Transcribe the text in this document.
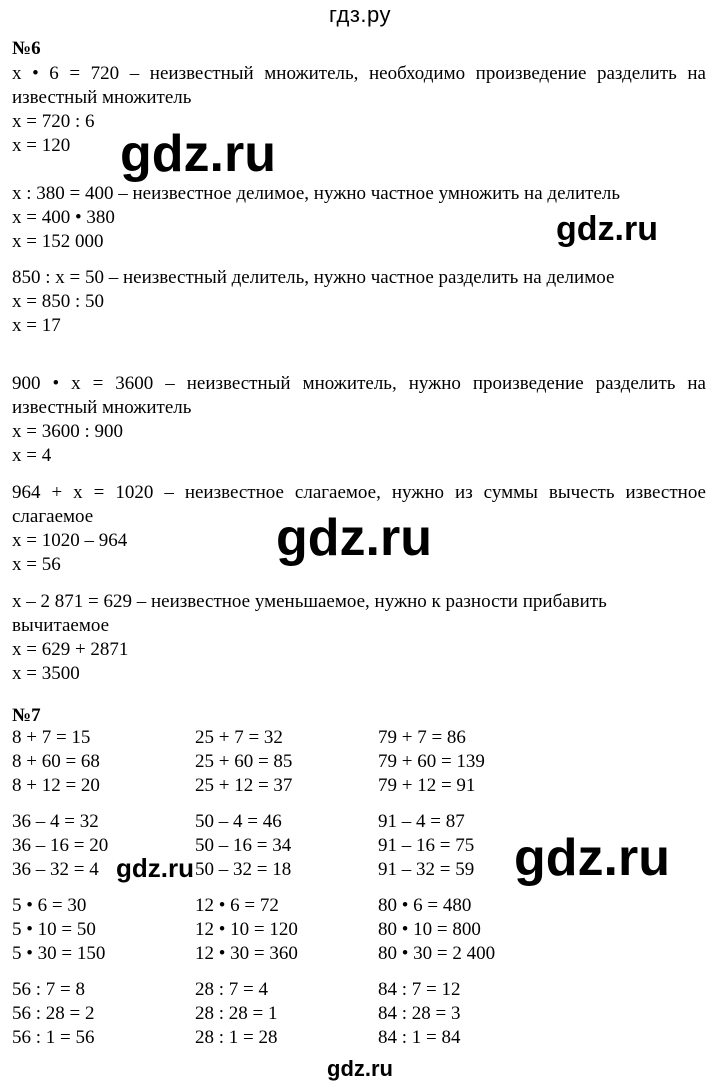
гдз.ру
№6
x • 6 = 720 – неизвестный множитель, необходимо произведение разделить на
известный множитель
x = 720 : 6
x = 120
x : 380 = 400 – неизвестное делимое, нужно частное умножить на делитель
x = 400 • 380
x = 152 000
850 : x = 50 – неизвестный делитель, нужно частное разделить на делимое
x = 850 : 50
x = 17
900 • x = 3600 – неизвестный множитель, нужно произведение разделить на
известный множитель
x = 3600 : 900
x = 4
964 + x = 1020 – неизвестное слагаемое, нужно из суммы вычесть известное
слагаемое
x = 1020 – 964
x = 56
x – 2 871 = 629 – неизвестное уменьшаемое, нужно к разности прибавить
вычитаемое
x = 629 + 2871
x = 3500
№7
8 + 7 = 15	25 + 7 = 32	79 + 7 = 86
8 + 60 = 68	25 + 60 = 85	79 + 60 = 139
8 + 12 = 20	25 + 12 = 37	79 + 12 = 91
36 – 4 = 32	50 – 4 = 46	91 – 4 = 87
36 – 16 = 20	50 – 16 = 34	91 – 16 = 75
36 – 32 = 4	50 – 32 = 18	91 – 32 = 59
5 • 6 = 30	12 • 6 = 72	80 • 6 = 480
5 • 10 = 50	12 • 10 = 120	80 • 10 = 800
5 • 30 = 150	12 • 30 = 360	80 • 30 = 2 400
56 : 7 = 8	28 : 7 = 4	84 : 7 = 12
56 : 28 = 2	28 : 28 = 1	84 : 28 = 3
56 : 1 = 56	28 : 1 = 28	84 : 1 = 84
gdz.ru
gdz.ru
gdz.ru
gdz.ru	gdz.ru
gdz.ru
